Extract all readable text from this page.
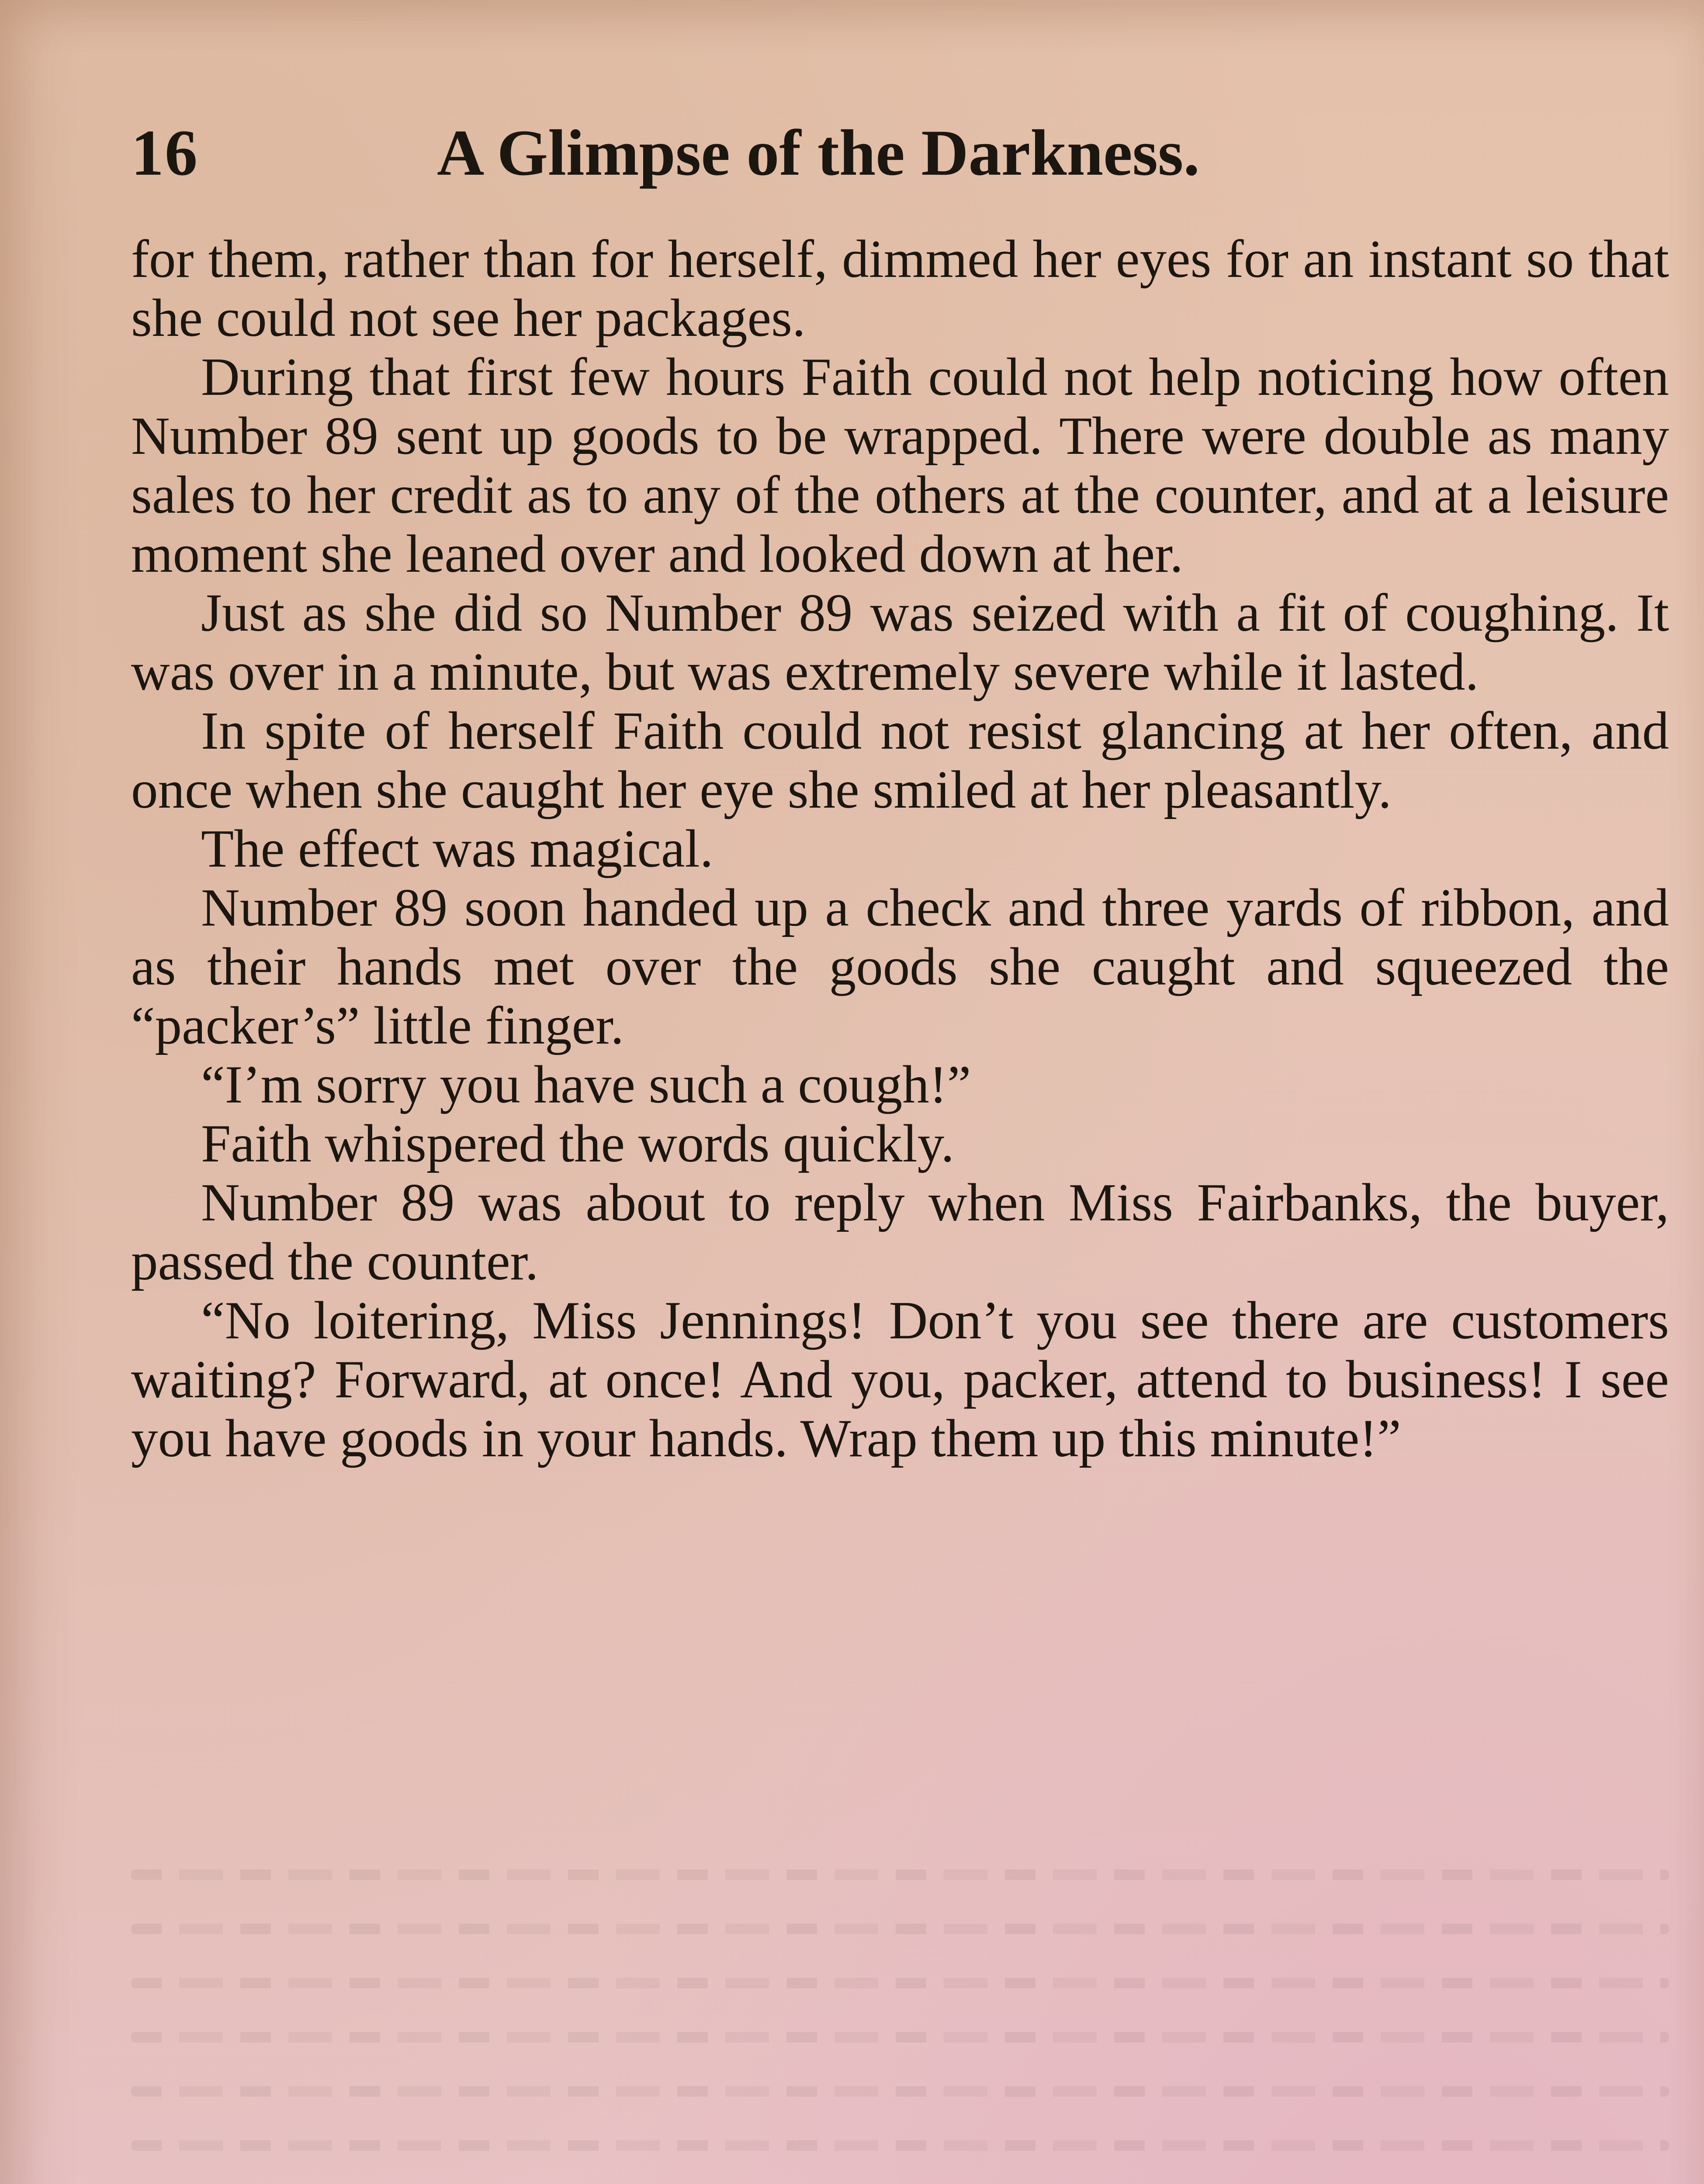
16	A Glimpse of the Darkness.

for them, rather than for herself, dimmed her eyes for an instant so that she could not see her packages.

During that first few hours Faith could not help noticing how often Number 89 sent up goods to be wrapped. There were double as many sales to her credit as to any of the others at the counter, and at a leisure moment she leaned over and looked down at her.

Just as she did so Number 89 was seized with a fit of coughing. It was over in a minute, but was extremely severe while it lasted.

In spite of herself Faith could not resist glancing at her often, and once when she caught her eye she smiled at her pleasantly.

The effect was magical.

Number 89 soon handed up a check and three yards of ribbon, and as their hands met over the goods she caught and squeezed the “packer’s” little finger.

“I’m sorry you have such a cough!”

Faith whispered the words quickly.

Number 89 was about to reply when Miss Fairbanks, the buyer, passed the counter.

“No loitering, Miss Jennings! Don’t you see there are customers waiting? Forward, at once! And you, packer, attend to business! I see you have goods in your hands. Wrap them up this minute!”
